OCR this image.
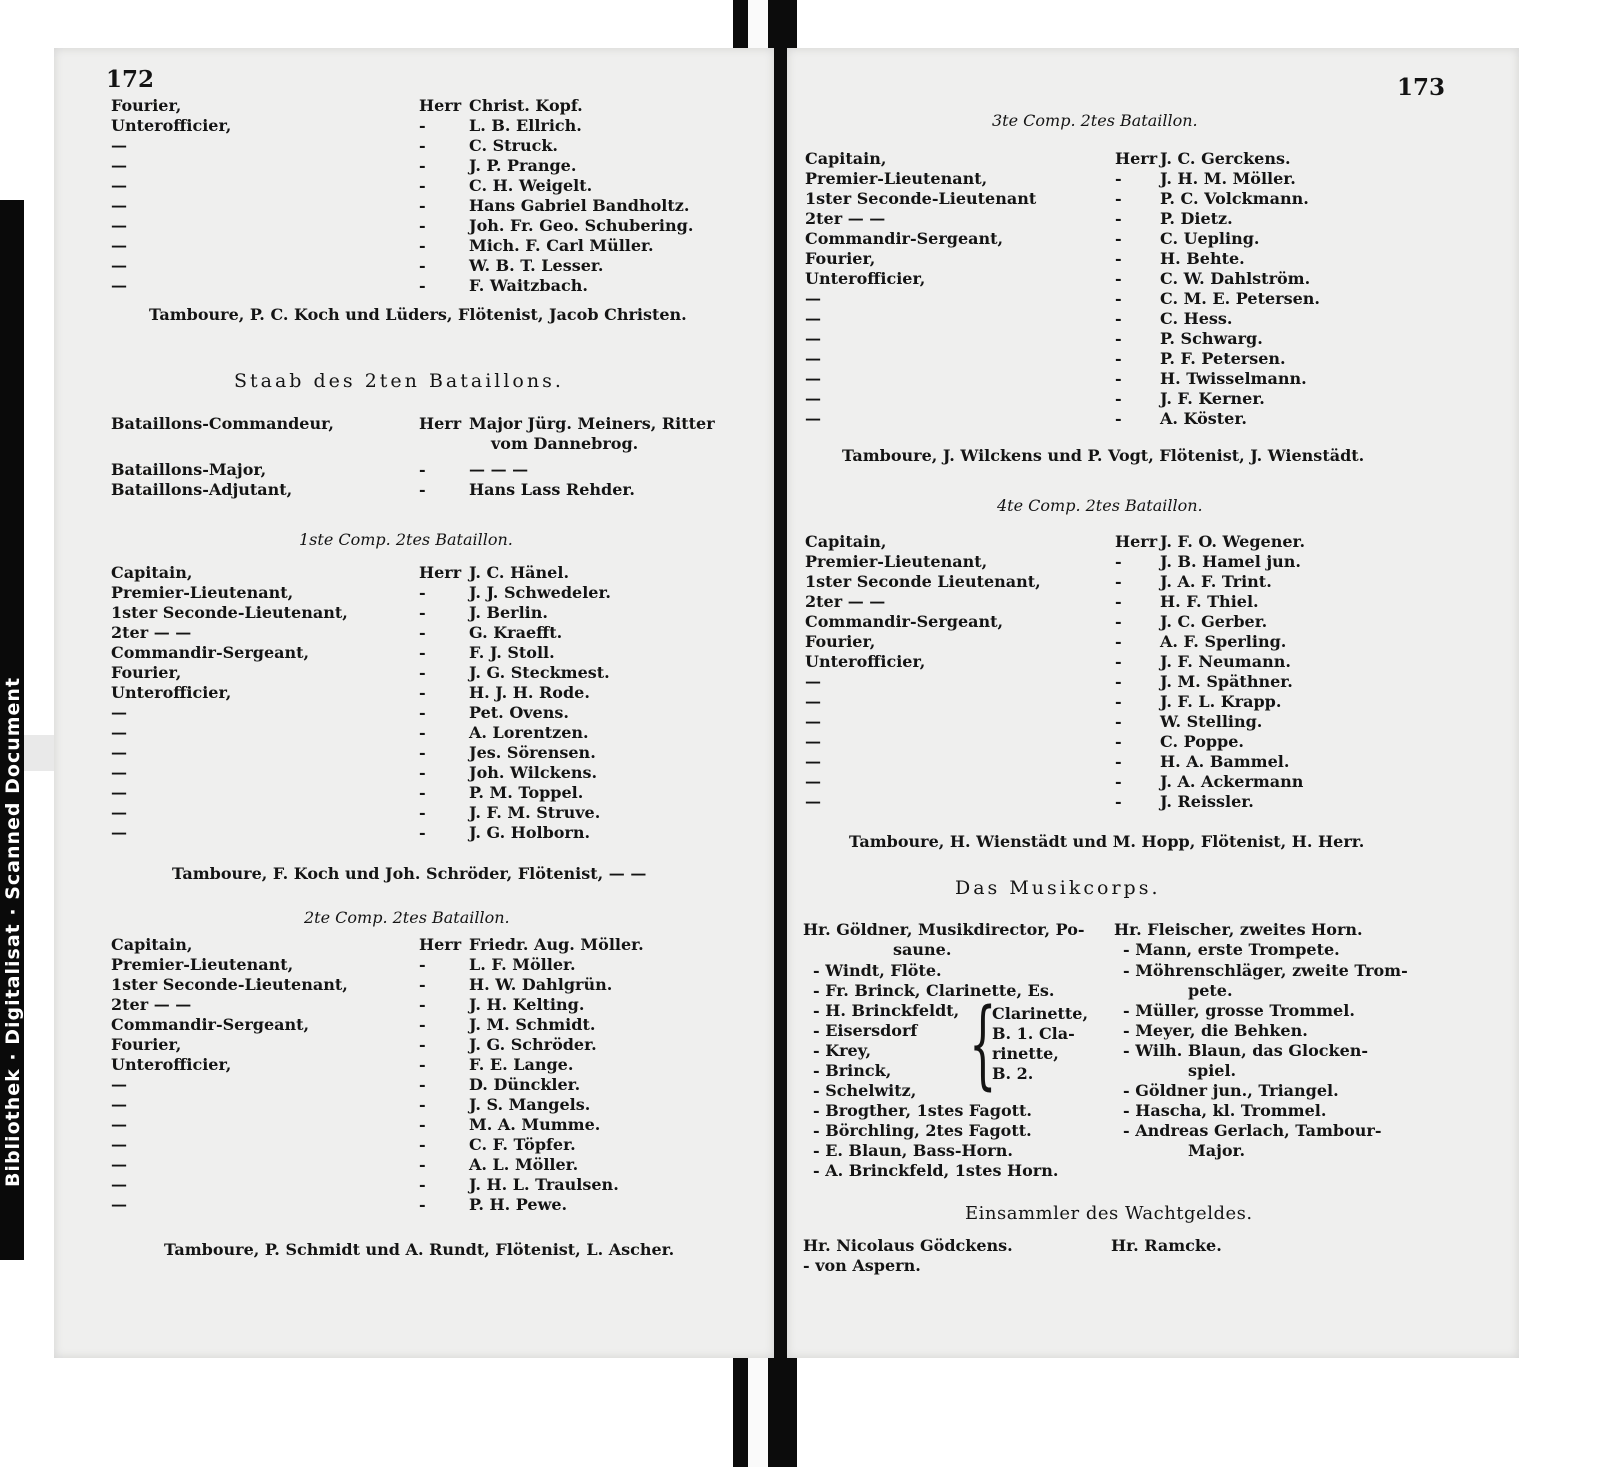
Bibliothek · Digitalisat · Scanned Document
172
Fourier,	Herr Christ. Kopf.
Unterofficier,	-	L. B. Ellrich.
—	-	C. Struck.
—	-	J. P. Prange.
—	-	C. H. Weigelt.
—	-	Hans Gabriel Bandholtz.
—	-	Joh. Fr. Geo. Schubering.
—	-	Mich. F. Carl Müller.
—	-	W. B. T. Lesser.
—	-	F. Waitzbach.
Tamboure, P. C. Koch und Lüders, Flötenist, Jacob Christen.
Staab des 2ten Bataillons.
Bataillons-Commandeur,	Herr Major Jürg. Meiners, Ritter
vom Dannebrog.
Bataillons-Major,	-	— — —
Bataillons-Adjutant,	-	Hans Lass Rehder.
1ste Comp. 2tes Bataillon.
Capitain,	Herr J. C. Hänel.
Premier-Lieutenant,	-	J. J. Schwedeler.
1ster Seconde-Lieutenant,	-	J. Berlin.
2ter — —	-	G. Kraefft.
Commandir-Sergeant,	-	F. J. Stoll.
Fourier,	-	J. G. Steckmest.
Unterofficier,	-	H. J. H. Rode.
—	-	Pet. Ovens.
—	-	A. Lorentzen.
—	-	Jes. Sörensen.
—	-	Joh. Wilckens.
—	-	P. M. Toppel.
—	-	J. F. M. Struve.
—	-	J. G. Holborn.
Tamboure, F. Koch und Joh. Schröder, Flötenist, — —
2te Comp. 2tes Bataillon.
Capitain,	Herr Friedr. Aug. Möller.
Premier-Lieutenant,	-	L. F. Möller.
1ster Seconde-Lieutenant,	-	H. W. Dahlgrün.
2ter — —	-	J. H. Kelting.
Commandir-Sergeant,	-	J. M. Schmidt.
Fourier,	-	J. G. Schröder.
Unterofficier,	-	F. E. Lange.
—	-	D. Dünckler.
—	-	J. S. Mangels.
—	-	M. A. Mumme.
—	-	C. F. Töpfer.
—	-	A. L. Möller.
—	-	J. H. L. Traulsen.
—	-	P. H. Pewe.
Tamboure, P. Schmidt und A. Rundt, Flötenist, L. Ascher.
173
3te Comp. 2tes Bataillon.
Capitain,	Herr J. C. Gerckens.
Premier-Lieutenant,	- J. H. M. Möller.
1ster Seconde-Lieutenant	- P. C. Volckmann.
2ter — —	- P. Dietz.
Commandir-Sergeant,	- C. Uepling.
Fourier,	- H. Behte.
Unterofficier,	- C. W. Dahlström.
—	- C. M. E. Petersen.
—	- C. Hess.
—	- P. Schwarg.
—	- P. F. Petersen.
—	- H. Twisselmann.
—	- J. F. Kerner.
—	- A. Köster.
Tamboure, J. Wilckens und P. Vogt, Flötenist, J. Wienstädt.
4te Comp. 2tes Bataillon.
Capitain,	Herr J. F. O. Wegener.
Premier-Lieutenant,	- J. B. Hamel jun.
1ster Seconde Lieutenant,	- J. A. F. Trint.
2ter — —	- H. F. Thiel.
Commandir-Sergeant,	- J. C. Gerber.
Fourier,	- A. F. Sperling.
Unterofficier,	- J. F. Neumann.
—	- J. M. Späthner.
—	- J. F. L. Krapp.
—	- W. Stelling.
—	- C. Poppe.
—	- H. A. Bammel.
—	- J. A. Ackermann
—	- J. Reissler.
Tamboure, H. Wienstädt und M. Hopp, Flötenist, H. Herr.
Das Musikcorps.
Hr. Göldner, Musikdirector, Po-
saune.
- Windt, Flöte.
- Fr. Brinck, Clarinette, Es.
- H. Brinckfeldt,
- Eisersdorf
- Krey,
- Brinck,
- Schelwitz,
- Brogther, 1stes Fagott.
- Börchling, 2tes Fagott.
- E. Blaun, Bass-Horn.
- A. Brinckfeld, 1stes Horn.
{
Clarinette,
B. 1. Cla-
rinette,
B. 2.
Hr. Fleischer, zweites Horn.
- Mann, erste Trompete.
- Möhrenschläger, zweite Trom-
pete.
- Müller, grosse Trommel.
- Meyer, die Behken.
- Wilh. Blaun, das Glocken-
spiel.
- Göldner jun., Triangel.
- Hascha, kl. Trommel.
- Andreas Gerlach, Tambour-
Major.
Einsammler des Wachtgeldes.
Hr. Nicolaus Gödckens.
- von Aspern.
Hr. Ramcke.
